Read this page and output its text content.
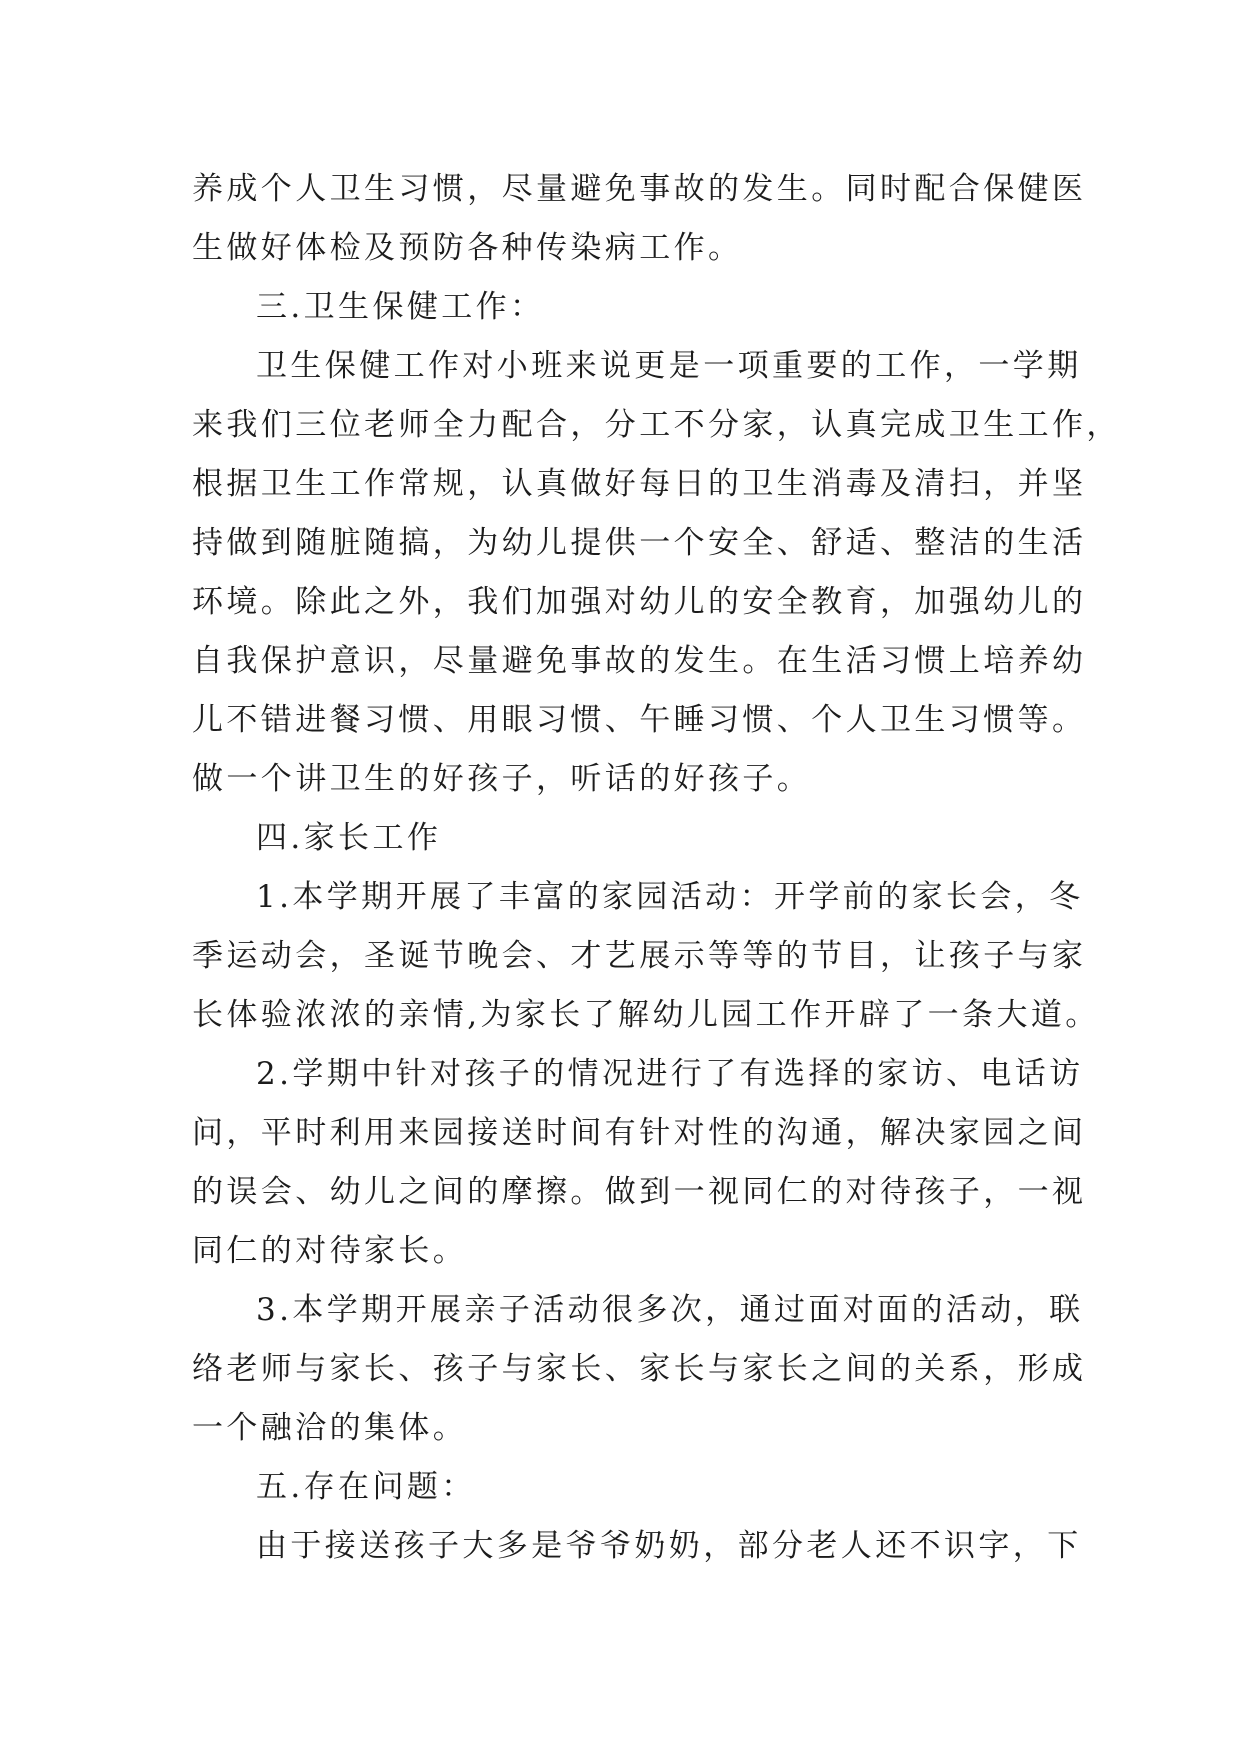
养成个人卫生习惯，尽量避免事故的发生。同时配合保健医
生做好体检及预防各种传染病工作。
三.卫生保健工作：
卫生保健工作对小班来说更是一项重要的工作，一学期
来我们三位老师全力配合，分工不分家，认真完成卫生工作，
根据卫生工作常规，认真做好每日的卫生消毒及清扫，并坚
持做到随脏随搞，为幼儿提供一个安全、舒适、整洁的生活
环境。除此之外，我们加强对幼儿的安全教育，加强幼儿的
自我保护意识，尽量避免事故的发生。在生活习惯上培养幼
儿不错进餐习惯、用眼习惯、午睡习惯、个人卫生习惯等。
做一个讲卫生的好孩子，听话的好孩子。
四.家长工作
1.本学期开展了丰富的家园活动：开学前的家长会，冬
季运动会，圣诞节晚会、才艺展示等等的节目，让孩子与家
长体验浓浓的亲情,为家长了解幼儿园工作开辟了一条大道。
2.学期中针对孩子的情况进行了有选择的家访、电话访
问，平时利用来园接送时间有针对性的沟通，解决家园之间
的误会、幼儿之间的摩擦。做到一视同仁的对待孩子，一视
同仁的对待家长。
3.本学期开展亲子活动很多次，通过面对面的活动，联
络老师与家长、孩子与家长、家长与家长之间的关系，形成
一个融洽的集体。
五.存在问题：
由于接送孩子大多是爷爷奶奶，部分老人还不识字，下
